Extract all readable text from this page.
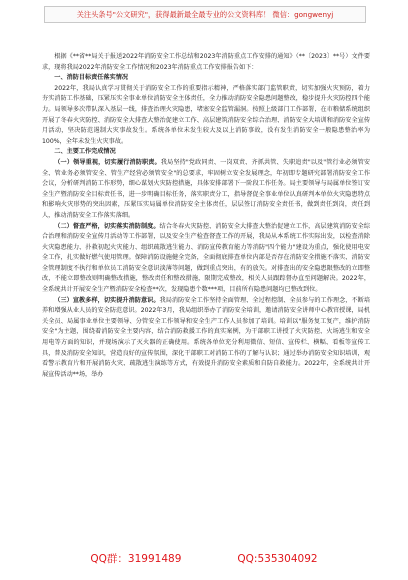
关注头条号"公文研究"，获得最新最全最专业的公文资料库！ 微信：gongwenyj

根据《**省**局关于报送2022年消防安全工作总结和2023年消防重点工作安排的通知》（**〔2023〕**号）文件要求，现将我局2022年消防安全工作情况和2023年消防重点工作安排报告如下：

一、消防目标责任落实情况

2022年，我局认真学习贯彻关于消防安全工作的重要指示精神，严格落实部门监管职责，切实加强火灾预防，着力夯实消防工作基础，压紧压实全事业单位消防安全主体责任，全力推动消防安全隐患问题整改，稳步提升火灾防控四个能力。局领导多次带队深入基层一线，排查治理火灾隐患，堵塞安全监管漏洞。按照上级部门工作部署，在市粮储系统组织开展了冬春火灾防控、消防安全大排查大整治促建立工作、高层建筑消防安全综合治理、消防安全大培训和消防安全宣传月活动，坚决防范遏制大灾事故发生。系统各单位未发生较大及以上消防事故，没有发生消防安全一般隐患整治率为100%，全年未发生火灾事故。

二、主要工作完成情况

（一）领导重视，切实履行消防职责。我局坚持"党政同责、一岗双责、齐抓共管、失职追责"以及"管行业必须管安全、管业务必须管安全、管生产经营必须管安全"的总要求，牢固树立安全发展理念，年初即专题研究部署消防安全工作会议，分析研判消防工作形势，细心谋划火灾防控措施，具体安排部署下一阶段工作任务。局主要领导与局属单位签订安全生产暨消防安全目标责任书，进一步明确目标任务，落实职责分工，指导督促全事业单位认真研判本单位火灾隐患特点和影响火灾形势的突出因素，压紧压实局属单位消防安全主体责任，层层签订消防安全责任书，做到责任到岗，责任到人，推动消防安全工作落实落细。

（二）督查严格，切实落实消防制度。结合冬春火灾防控、消防安全大排查大整治促建立工作，高层建筑消防安全综合治理和消防安全宣传月活动等工作部署，以及安全生产检查督查工作的开展，我局从本系统工作实际出发，以检查消除火灾隐患能力、扑救初起火灾能力、组织疏散逃生能力、消防宣传教育能力等消防"四个能力"建设为重点，强化使用电安全工作，扎实做好燃气使用管理。保障消防设施健全完备，全面彻底排查单位内部是否存在消防安全措施不落实、消防安全管理制度不执行和单位员工消防安全意识淡薄等问题，做到重点突出，有的放矢。对排查出的安全隐患限整改的立即整改，不能立即整改则明确整改措施，整改责任和整改措施，限期完成整改，相关人员跟踪督办直至问题解决。2022年，全系统共计开展安全生产暨消防安全检查**次，发现隐患个数***项，目前所有隐患问题均已整改到位。

（三）宣教多样，切实提升消防意识。我局消防安全工作坚持全面管理、全过程控制、全员参与的工作理念，不断培养和增强从业人员的安全防范意识。2022年3月，我局组织举办了消防安全培训，邀请消防安全讲师中心教官授课，局机关全员、局属事业单位主要领导、分管安全工作领导和安全生产工作人员参加了培训。培训以"服务复工复产，维护消防安全"为主题，围绕着消防安全主要内容，结合消防救援工作的真实案例，为干部职工讲授了火灾防控、火场逃生和安全用电等方面的知识，并现场演示了灭火器的正确使用。系统各单位充分利用微信、短信、宣传栏、横幅、看板等宣传工具，普及消防安全知识，营造良好的宣传氛围，深化干部职工对消防工作的了解与认识；通过举办消防安全知识培训，观看警示教育片和开展消防火灾、疏散逃生演练等方式，有效提升消防安全素质和自防自救能力。2022年，全系统共计开展宣传活动**场，举办

QQ群：31991489	QQ:535304092
